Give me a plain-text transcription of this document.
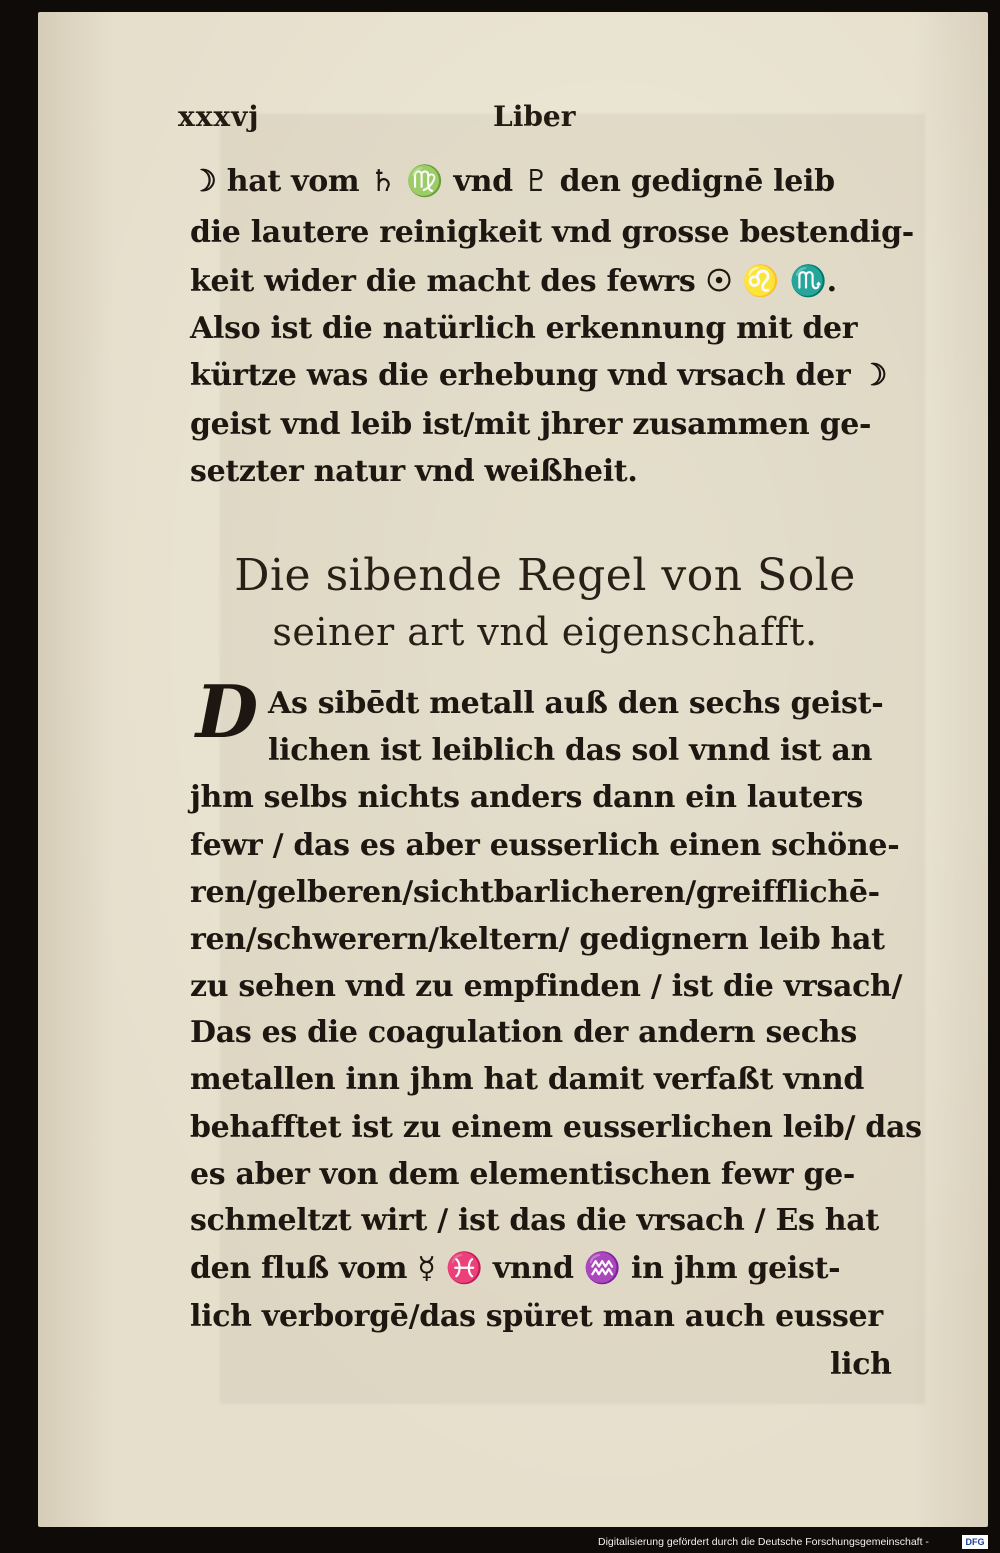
xxxvj	Liber
☽ hat vom ♄ ♍ vnd ♇ den gedignē leib
die lautere reinigkeit vnd grosse bestendig-
keit wider die macht des fewrs ☉ ♌ ♏.
Also ist die natürlich erkennung mit der
kürtze was die erhebung vnd vrsach der ☽
geist vnd leib ist/mit jhrer zusammen ge-
setzter natur vnd weißheit.
Die sibende Regel von Sole
seiner art vnd eigenschafft.
D As sibēdt metall auß den sechs geist-
lichen ist leiblich das sol vnnd ist an
jhm selbs nichts anders dann ein lauters
fewr / das es aber eusserlich einen schöne-
ren/gelberen/sichtbarlicheren/greifflichē-
ren/schwerern/keltern/ gedignern leib hat
zu sehen vnd zu empfinden / ist die vrsach/
Das es die coagulation der andern sechs
metallen inn jhm hat damit verfaßt vnnd
behafftet ist zu einem eusserlichen leib/ das
es aber von dem elementischen fewr ge-
schmeltzt wirt / ist das die vrsach / Es hat
den fluß vom ☿ ♓ vnnd ♒ in jhm geist-
lich verborgē/das spüret man auch eusser
lich
Digitalisierung gefördert durch die Deutsche Forschungsgemeinschaft -	DFG
